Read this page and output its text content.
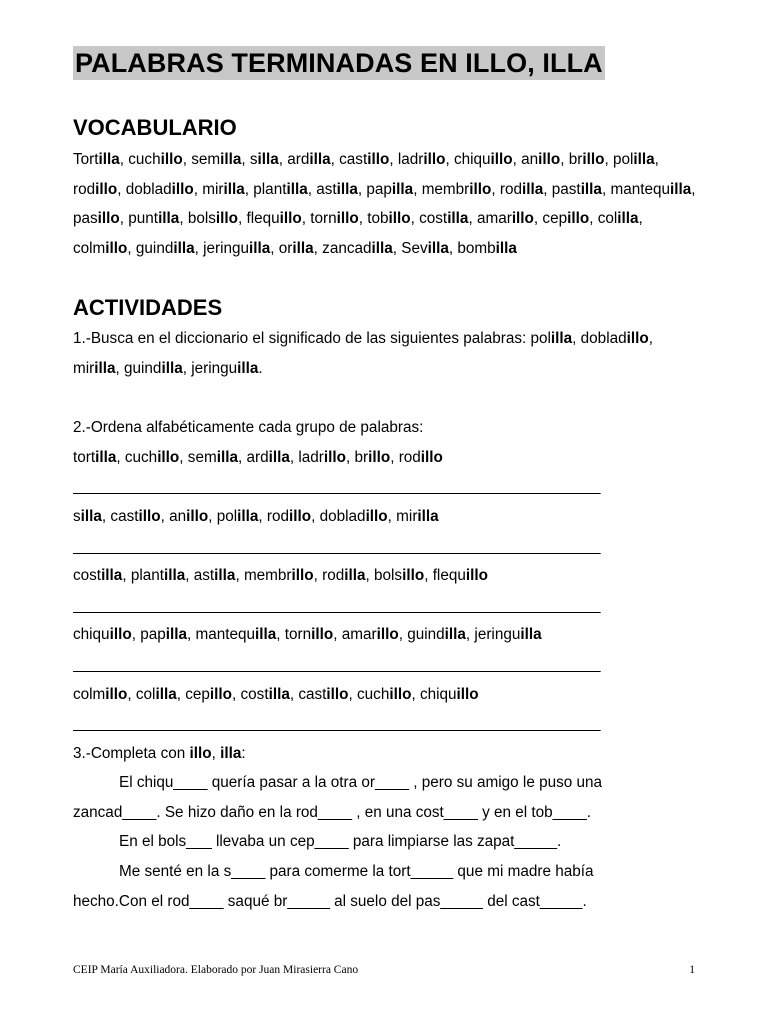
PALABRAS TERMINADAS EN ILLO, ILLA
VOCABULARIO

Tortilla, cuchillo, semilla, silla, ardilla, castillo, ladrillo, chiquillo, anillo, brillo, polilla, rodillo, dobladillo, mirilla, plantilla, astilla, papilla, membrillo, rodilla, pastilla, mantequilla, pasillo, puntilla, bolsillo, flequillo, tornillo, tobillo, costilla, amarillo, cepillo, colilla, colmillo, guindilla, jeringuilla, orilla, zancadilla, Sevilla, bombilla

ACTIVIDADES

1.-Busca en el diccionario el significado de las siguientes palabras: polilla, dobladillo, mirilla, guindilla, jeringuilla.

2.-Ordena alfabéticamente cada grupo de palabras:

tortilla, cuchillo, semilla, ardilla, ladrillo, brillo, rodillo

______________________________________________________________

silla, castillo, anillo, polilla, rodillo, dobladillo, mirilla

______________________________________________________________

costilla, plantilla, astilla, membrillo, rodilla, bolsillo, flequillo

______________________________________________________________

chiquillo, papilla, mantequilla, tornillo, amarillo, guindilla, jeringuilla

______________________________________________________________

colmillo, colilla, cepillo, costilla, castillo, cuchillo, chiquillo

______________________________________________________________

3.-Completa con illo, illa:

El chiqu____ quería pasar a la otra or____ , pero su amigo le puso una

zancad____. Se hizo daño en la rod____ , en una cost____ y en el tob____.

En el bols___ llevaba un cep____ para limpiarse las zapat_____.

Me senté en la s____ para comerme la tort_____ que mi madre había

hecho.Con el rod____ saqué br_____ al suelo del pas_____ del cast_____.

CEIP María Auxiliadora. Elaborado por Juan Mirasierra Cano	1
